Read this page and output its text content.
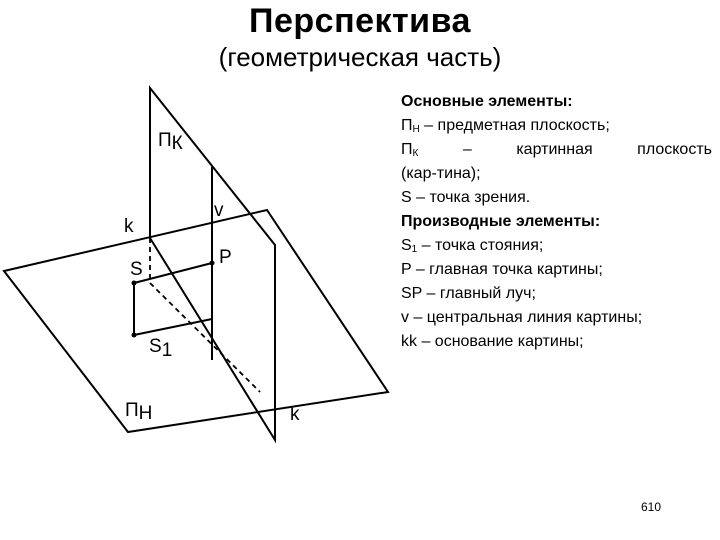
Перспектива
(геометрическая часть)
ПК
k
v
S
P
S1
ПН	k
Основные элементы:
$П_Н$ – предметная плоскость;
$П_К$	–	картинная	плоскость
(кар-тина);
S – точка зрения.
Производные элементы:
$S_1$ – точка стояния;
P – главная точка картины;
SP – главный луч;
v – центральная линия картины;
kk – основание картины;
610
